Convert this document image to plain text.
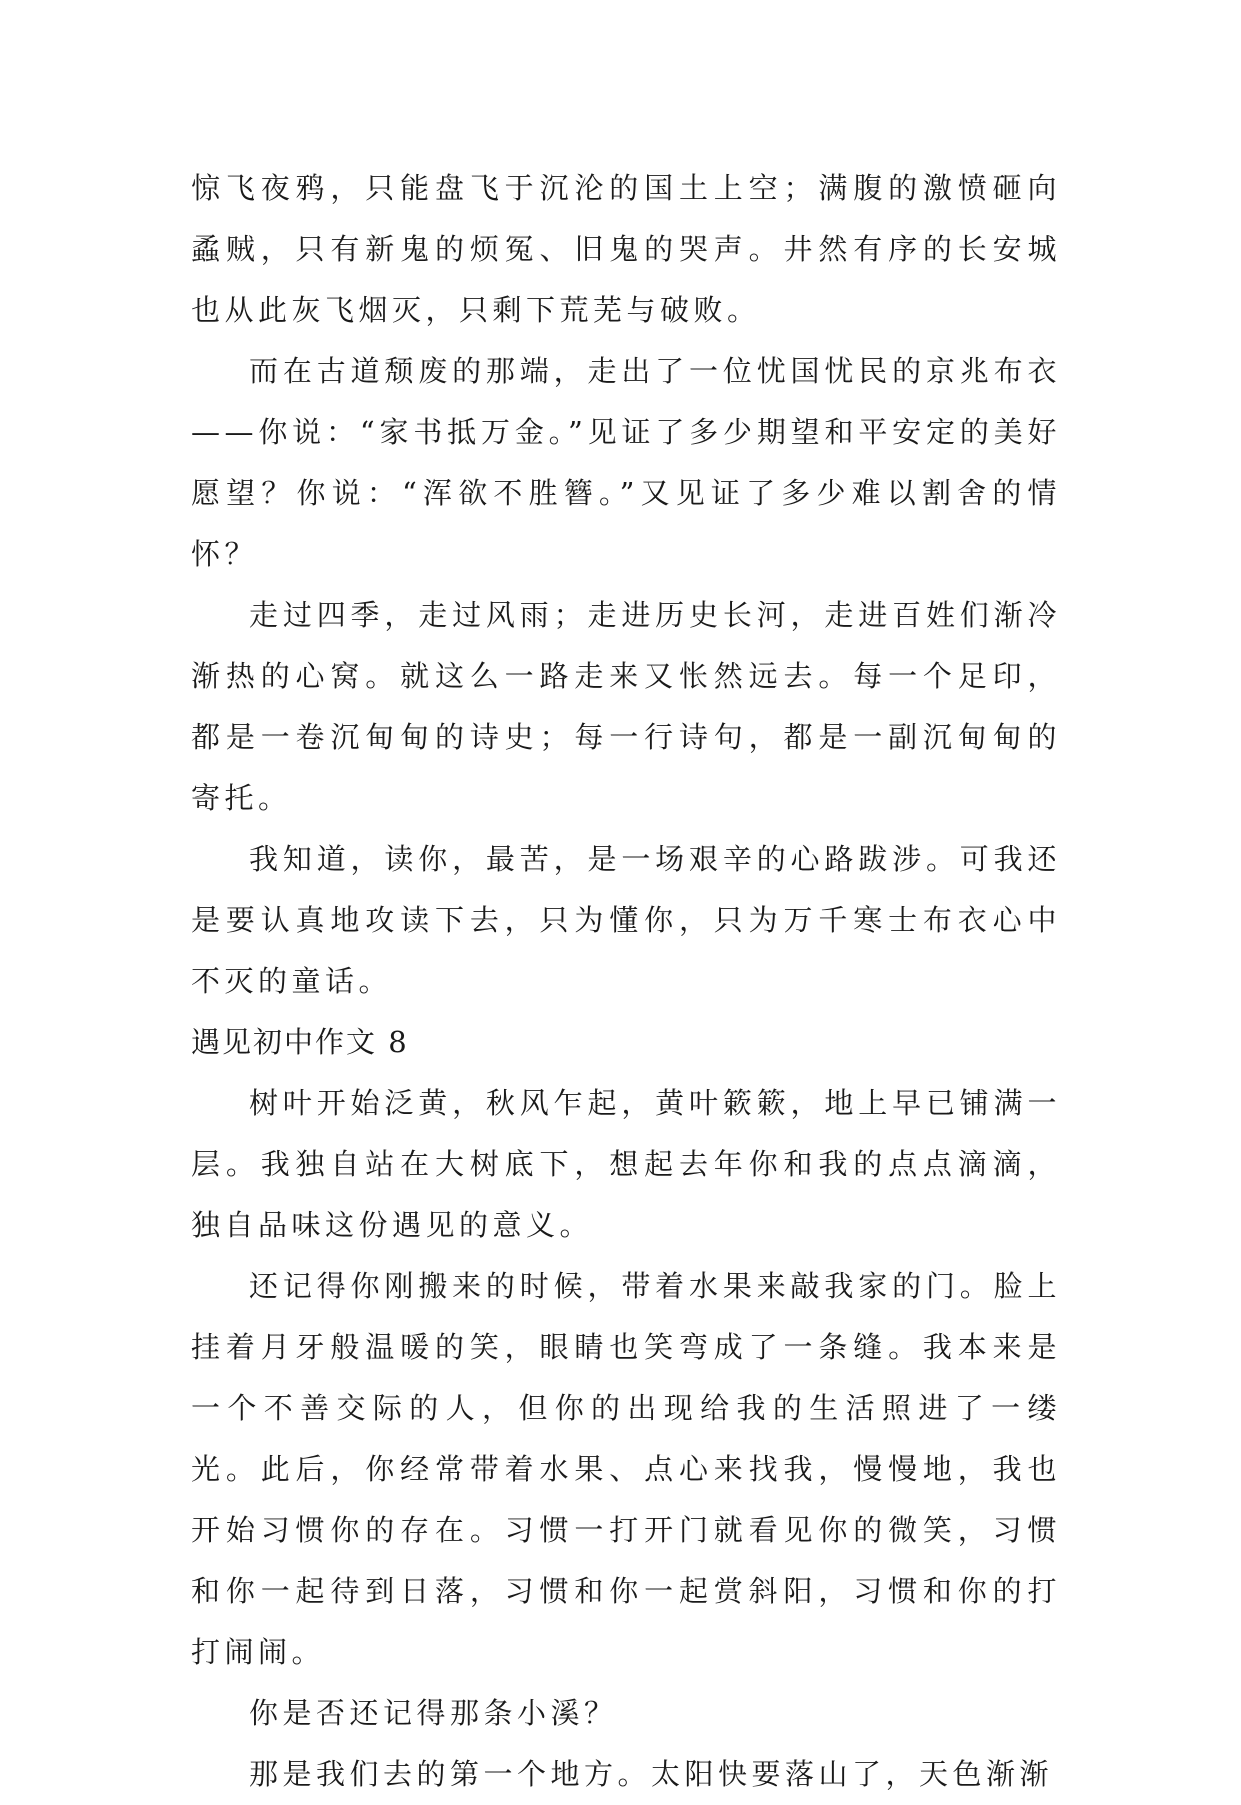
惊飞夜鸦，只能盘飞于沉沦的国土上空；满腹的激愤砸向蟊贼，只有新鬼的烦冤、旧鬼的哭声。井然有序的长安城也从此灰飞烟灭，只剩下荒芜与破败。

而在古道颓废的那端，走出了一位忧国忧民的京兆布衣——你说：“家书抵万金。”见证了多少期望和平安定的美好愿望？你说：“浑欲不胜簪。”又见证了多少难以割舍的情怀？

走过四季，走过风雨；走进历史长河，走进百姓们渐冷渐热的心窝。就这么一路走来又怅然远去。每一个足印，都是一卷沉甸甸的诗史；每一行诗句，都是一副沉甸甸的寄托。

我知道，读你，最苦，是一场艰辛的心路跋涉。可我还是要认真地攻读下去，只为懂你，只为万千寒士布衣心中不灭的童话。

遇见初中作文 8

树叶开始泛黄，秋风乍起，黄叶簌簌，地上早已铺满一层。我独自站在大树底下，想起去年你和我的点点滴滴，独自品味这份遇见的意义。

还记得你刚搬来的时候，带着水果来敲我家的门。脸上挂着月牙般温暖的笑，眼睛也笑弯成了一条缝。我本来是一个不善交际的人，但你的出现给我的生活照进了一缕光。此后，你经常带着水果、点心来找我，慢慢地，我也开始习惯你的存在。习惯一打开门就看见你的微笑，习惯和你一起待到日落，习惯和你一起赏斜阳，习惯和你的打打闹闹。

你是否还记得那条小溪？

那是我们去的第一个地方。太阳快要落山了，天色渐渐
